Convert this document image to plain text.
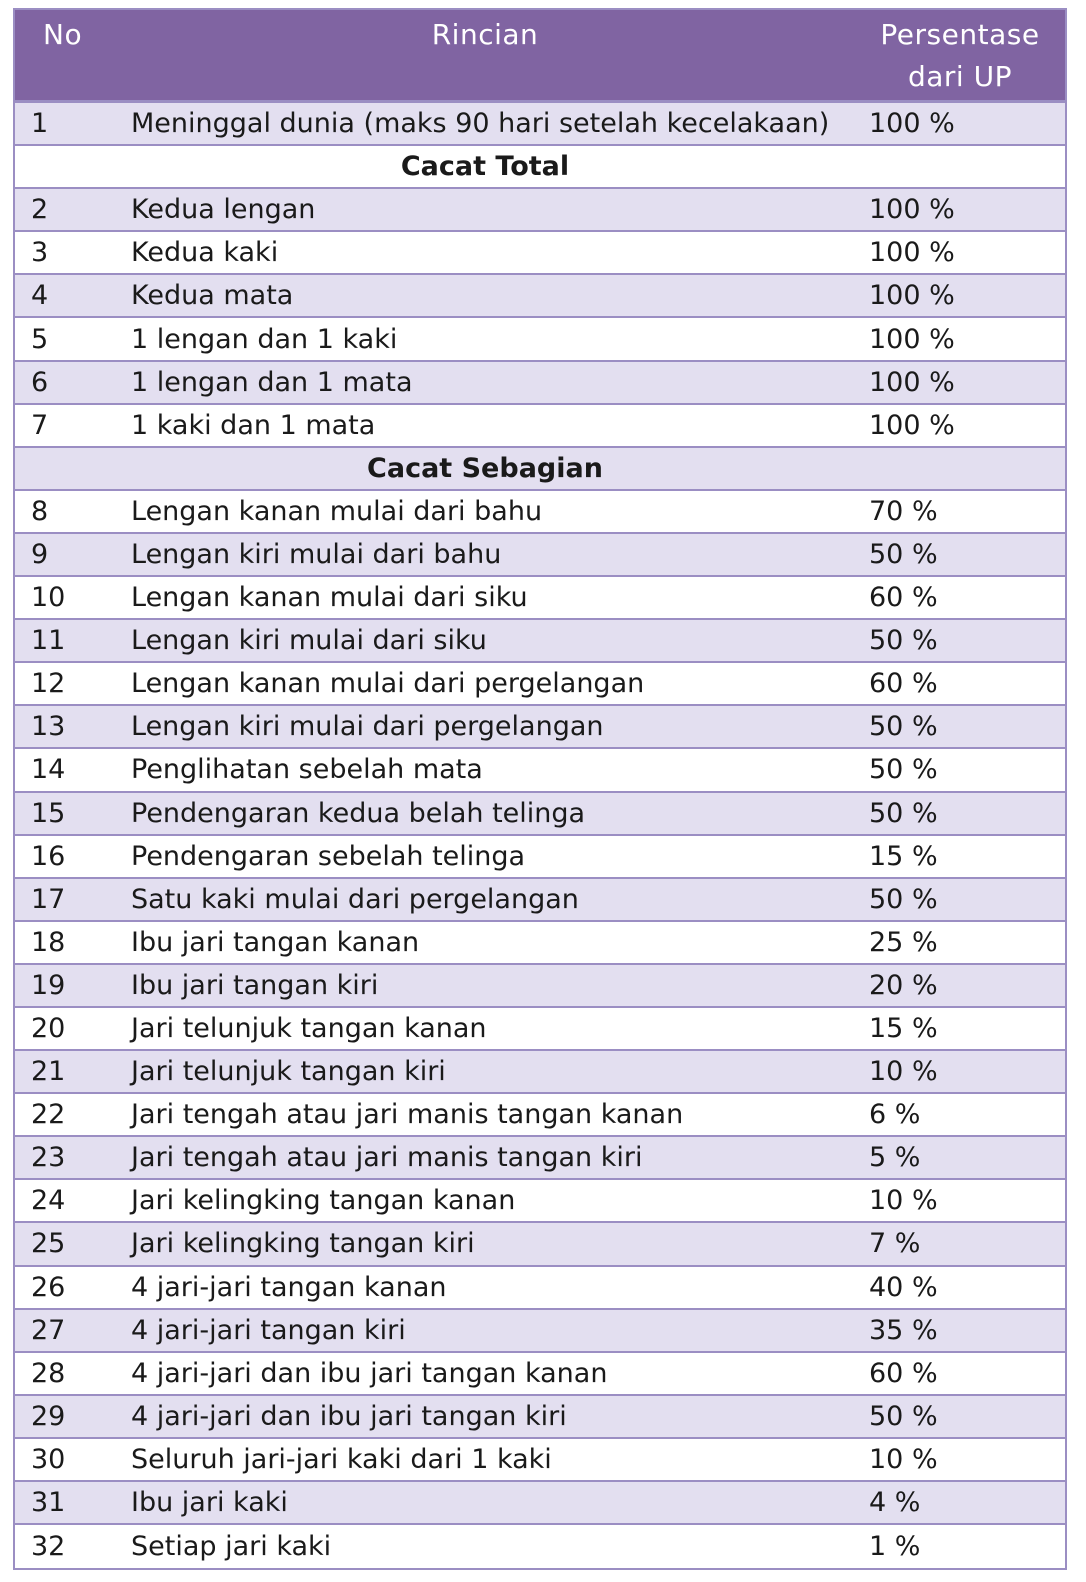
No	Rincian	Persentase
dari UP
1	Meninggal dunia (maks 90 hari setelah kecelakaan)	100 %
Cacat Total
2	Kedua lengan	100 %
3	Kedua kaki	100 %
4	Kedua mata	100 %
5	1 lengan dan 1 kaki	100 %
6	1 lengan dan 1 mata	100 %
7	1 kaki dan 1 mata	100 %
Cacat Sebagian
8	Lengan kanan mulai dari bahu	70 %
9	Lengan kiri mulai dari bahu	50 %
10	Lengan kanan mulai dari siku	60 %
11	Lengan kiri mulai dari siku	50 %
12	Lengan kanan mulai dari pergelangan	60 %
13	Lengan kiri mulai dari pergelangan	50 %
14	Penglihatan sebelah mata	50 %
15	Pendengaran kedua belah telinga	50 %
16	Pendengaran sebelah telinga	15 %
17	Satu kaki mulai dari pergelangan	50 %
18	Ibu jari tangan kanan	25 %
19	Ibu jari tangan kiri	20 %
20	Jari telunjuk tangan kanan	15 %
21	Jari telunjuk tangan kiri	10 %
22	Jari tengah atau jari manis tangan kanan	6 %
23	Jari tengah atau jari manis tangan kiri	5 %
24	Jari kelingking tangan kanan	10 %
25	Jari kelingking tangan kiri	7 %
26	4 jari-jari tangan kanan	40 %
27	4 jari-jari tangan kiri	35 %
28	4 jari-jari dan ibu jari tangan kanan	60 %
29	4 jari-jari dan ibu jari tangan kiri	50 %
30	Seluruh jari-jari kaki dari 1 kaki	10 %
31	Ibu jari kaki	4 %
32	Setiap jari kaki	1 %
